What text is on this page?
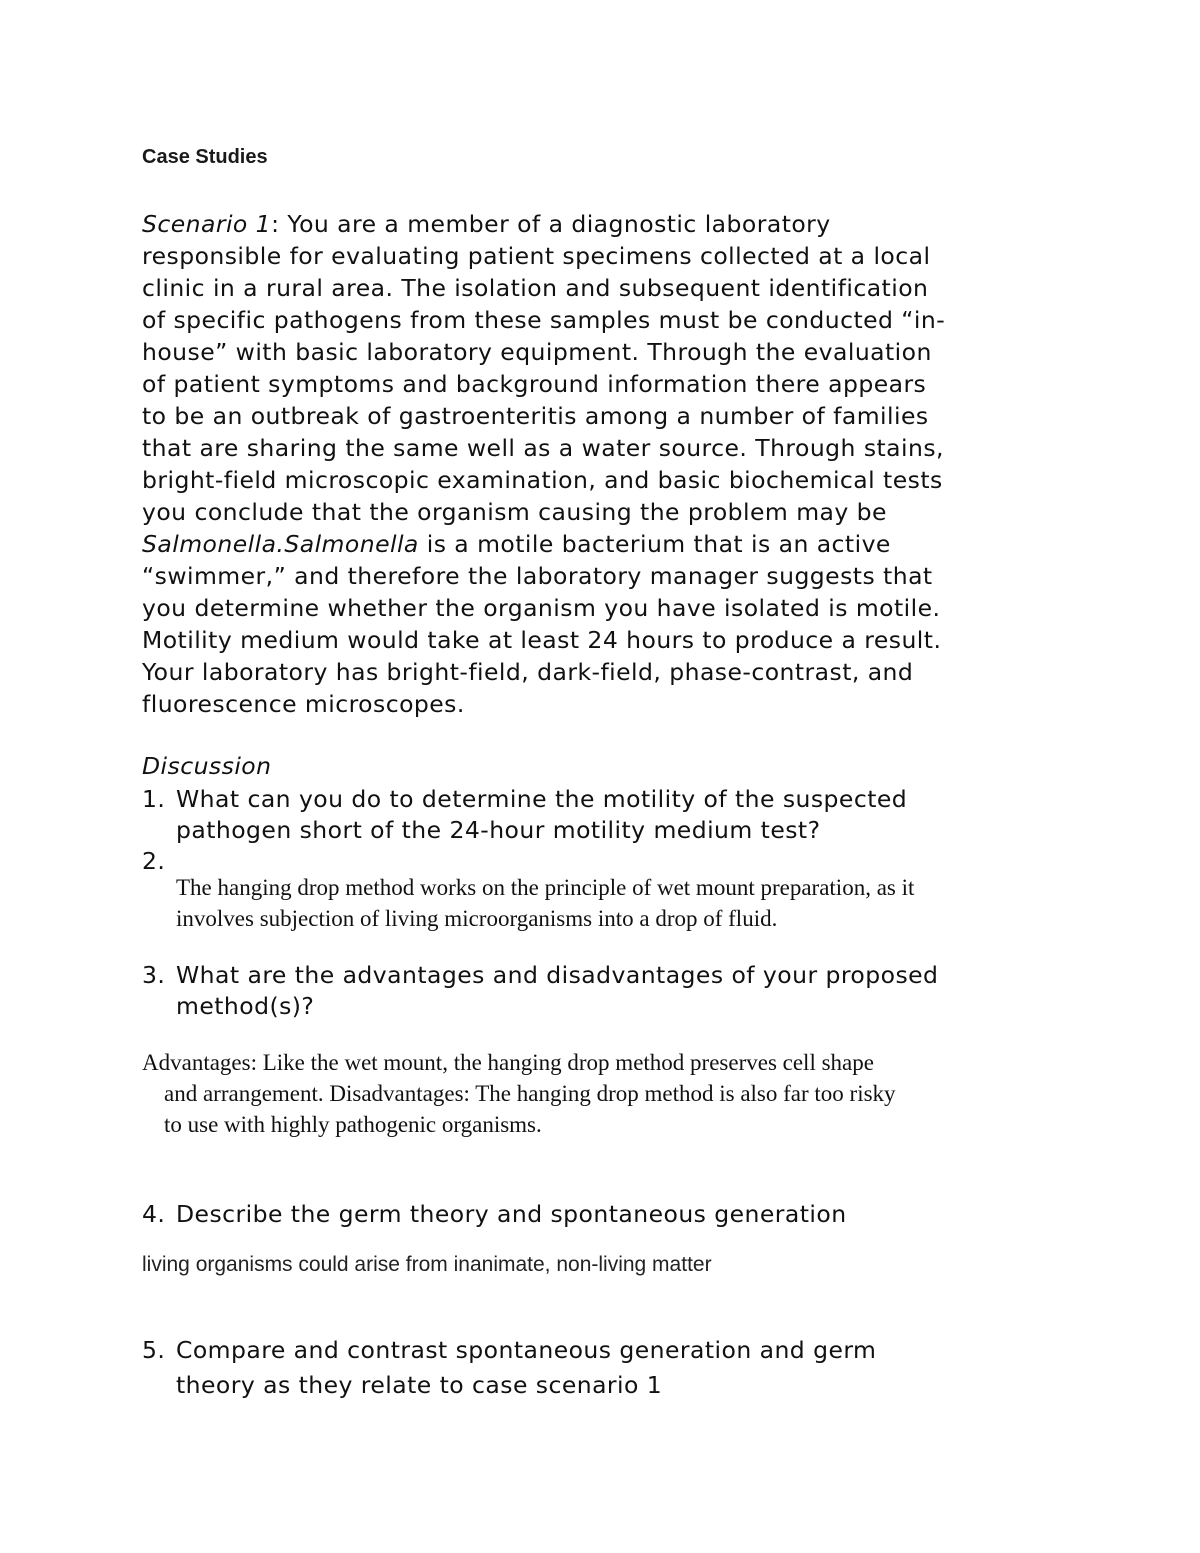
Case Studies
Scenario 1: You are a member of a diagnostic laboratory
responsible for evaluating patient specimens collected at a local
clinic in a rural area. The isolation and subsequent identification
of specific pathogens from these samples must be conducted “in-
house” with basic laboratory equipment. Through the evaluation
of patient symptoms and background information there appears
to be an outbreak of gastroenteritis among a number of families
that are sharing the same well as a water source. Through stains,
bright-field microscopic examination, and basic biochemical tests
you conclude that the organism causing the problem may be
Salmonella.Salmonella is a motile bacterium that is an active
“swimmer,” and therefore the laboratory manager suggests that
you determine whether the organism you have isolated is motile.
Motility medium would take at least 24 hours to produce a result.
Your laboratory has bright-field, dark-field, phase-contrast, and
fluorescence microscopes.
Discussion
1. What can you do to determine the motility of the suspected
pathogen short of the 24-hour motility medium test?
2.
The hanging drop method works on the principle of wet mount preparation, as it
involves subjection of living microorganisms into a drop of fluid.
3. What are the advantages and disadvantages of your proposed
method(s)?
Advantages: Like the wet mount, the hanging drop method preserves cell shape
and arrangement. Disadvantages: The hanging drop method is also far too risky
to use with highly pathogenic organisms.
4. Describe the germ theory and spontaneous generation
living organisms could arise from inanimate, non-living matter
5. Compare and contrast spontaneous generation and germ
theory as they relate to case scenario 1
